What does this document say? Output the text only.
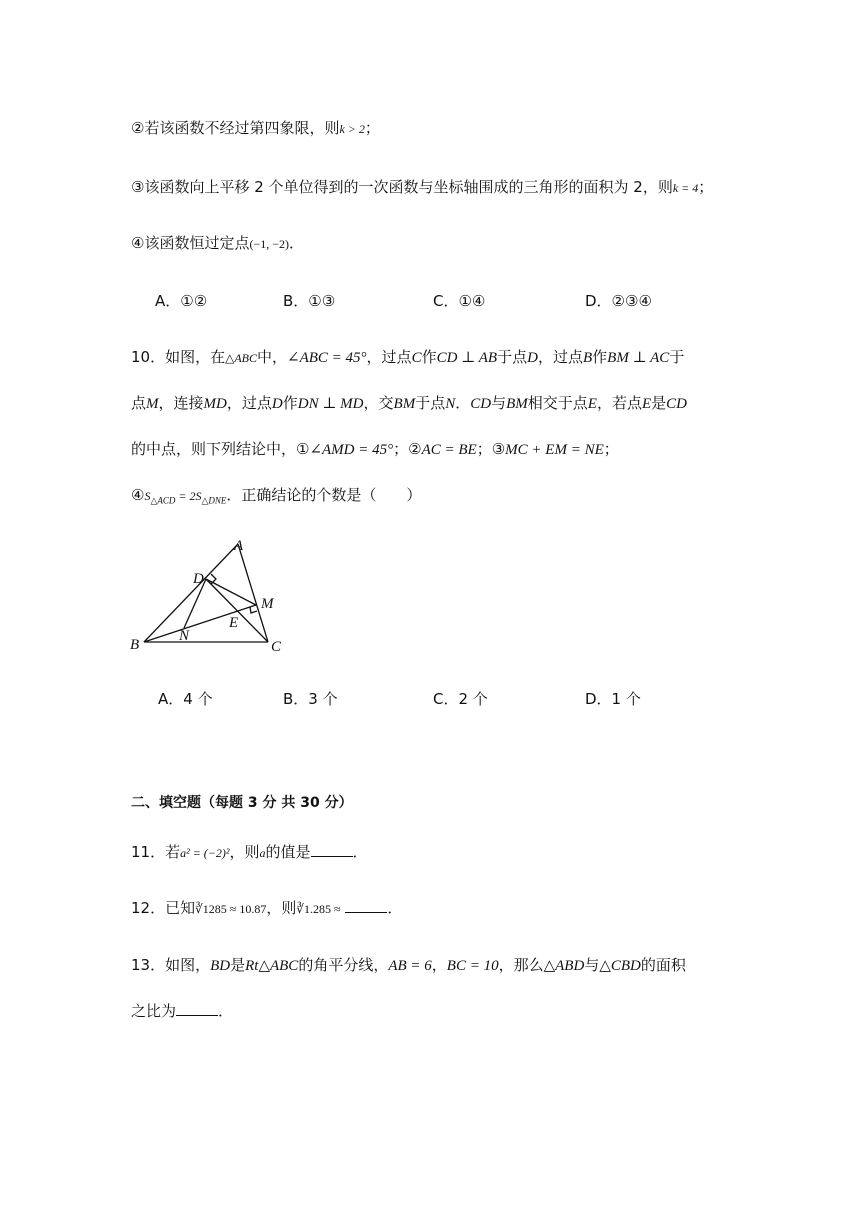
②若该函数不经过第四象限，则k > 2；
③该函数向上平移 2 个单位得到的一次函数与坐标轴围成的三角形的面积为 2，则k = 4；
④该函数恒过定点(−1, −2)．
A．①②	B．①③	C．①④	D．②③④
10．如图，在△ABC中，∠ABC = 45°，过点C作CD ⊥ AB于点D，过点B作BM ⊥ AC于
点M，连接MD，过点D作DN ⊥ MD，交BM于点N．CD与BM相交于点E，若点E是CD
的中点，则下列结论中，①∠AMD = 45°；②AC = BE；③MC + EM = NE；
$④S_{\triangle ACD} = 2S_{\triangle DNE}$．正确结论的个数是（　　）
A
D
M
E
N
B	C
A．4 个	B．3 个	C．2 个	D．1 个
二、填空题（每题 3 分 共 30 分）
11．若a² = (−2)²，则a的值是	．
12．已知∛1285 ≈ 10.87，则∛1.285 ≈	．
13．如图，BD是Rt△ABC的角平分线，AB = 6，BC = 10，那么△ABD与△CBD的面积
之比为	．
